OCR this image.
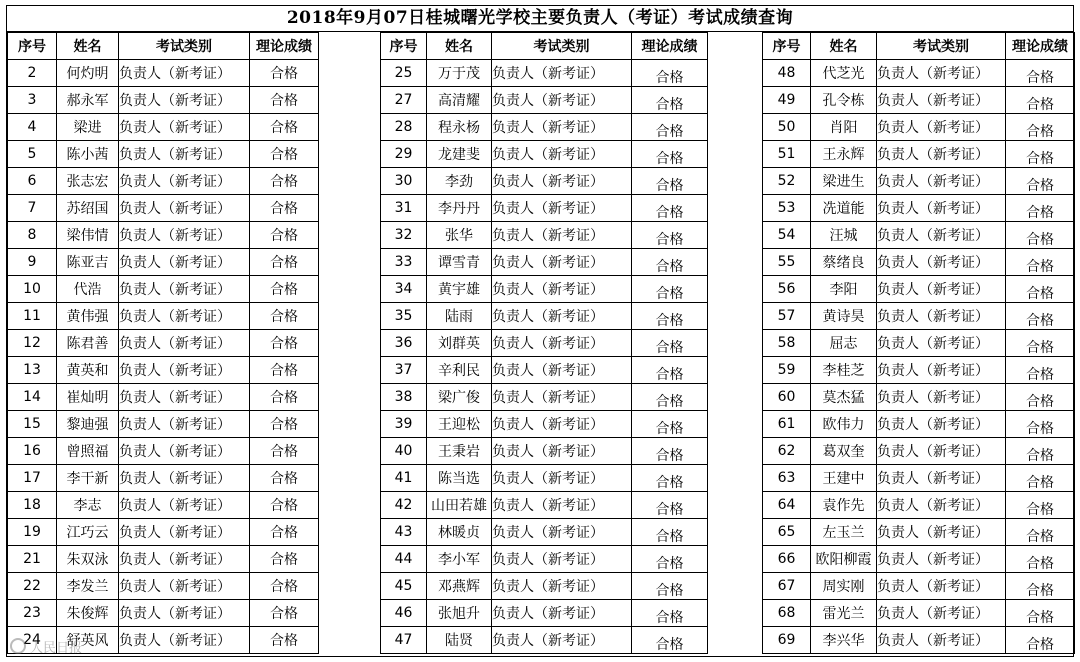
2018年9月07日桂城曙光学校主要负责人（考证）考试成绩查询
序号	姓名	考试类别	理论成绩
2	何灼明	负责人（新考证）	合格
3	郝永军	负责人（新考证）	合格
4	梁进	负责人（新考证）	合格
5	陈小茜	负责人（新考证）	合格
6	张志宏	负责人（新考证）	合格
7	苏绍国	负责人（新考证）	合格
8	梁伟情	负责人（新考证）	合格
9	陈亚吉	负责人（新考证）	合格
10	代浩	负责人（新考证）	合格
11	黄伟强	负责人（新考证）	合格
12	陈君善	负责人（新考证）	合格
13	黄英和	负责人（新考证）	合格
14	崔灿明	负责人（新考证）	合格
15	黎迪强	负责人（新考证）	合格
16	曾照福	负责人（新考证）	合格
17	李干新	负责人（新考证）	合格
18	李志	负责人（新考证）	合格
19	江巧云	负责人（新考证）	合格
21	朱双泳	负责人（新考证）	合格
22	李发兰	负责人（新考证）	合格
23	朱俊辉	负责人（新考证）	合格
24	舒英风	负责人（新考证）	合格
序号	姓名	考试类别	理论成绩
25	万于茂	负责人（新考证）	合格
27	高清耀	负责人（新考证）	合格
28	程永杨	负责人（新考证）	合格
29	龙建斐	负责人（新考证）	合格
30	李劲	负责人（新考证）	合格
31	李丹丹	负责人（新考证）	合格
32	张华	负责人（新考证）	合格
33	谭雪青	负责人（新考证）	合格
34	黄宇雄	负责人（新考证）	合格
35	陆雨	负责人（新考证）	合格
36	刘群英	负责人（新考证）	合格
37	辛利民	负责人（新考证）	合格
38	梁广俊	负责人（新考证）	合格
39	王迎松	负责人（新考证）	合格
40	王秉岩	负责人（新考证）	合格
41	陈当选	负责人（新考证）	合格
42	山田若雄	负责人（新考证）	合格
43	林暖贞	负责人（新考证）	合格
44	李小军	负责人（新考证）	合格
45	邓燕辉	负责人（新考证）	合格
46	张旭升	负责人（新考证）	合格
47	陆贤	负责人（新考证）	合格
序号	姓名	考试类别	理论成绩
48	代芝光	负责人（新考证）	合格
49	孔令栋	负责人（新考证）	合格
50	肖阳	负责人（新考证）	合格
51	王永辉	负责人（新考证）	合格
52	梁进生	负责人（新考证）	合格
53	冼道能	负责人（新考证）	合格
54	汪城	负责人（新考证）	合格
55	蔡绪良	负责人（新考证）	合格
56	李阳	负责人（新考证）	合格
57	黄诗昊	负责人（新考证）	合格
58	屈志	负责人（新考证）	合格
59	李桂芝	负责人（新考证）	合格
60	莫杰猛	负责人（新考证）	合格
61	欧伟力	负责人（新考证）	合格
62	葛双奎	负责人（新考证）	合格
63	王建中	负责人（新考证）	合格
64	袁作先	负责人（新考证）	合格
65	左玉兰	负责人（新考证）	合格
66	欧阳柳霞	负责人（新考证）	合格
67	周实刚	负责人（新考证）	合格
68	雷光兰	负责人（新考证）	合格
69	李兴华	负责人（新考证）	合格
人民日报
